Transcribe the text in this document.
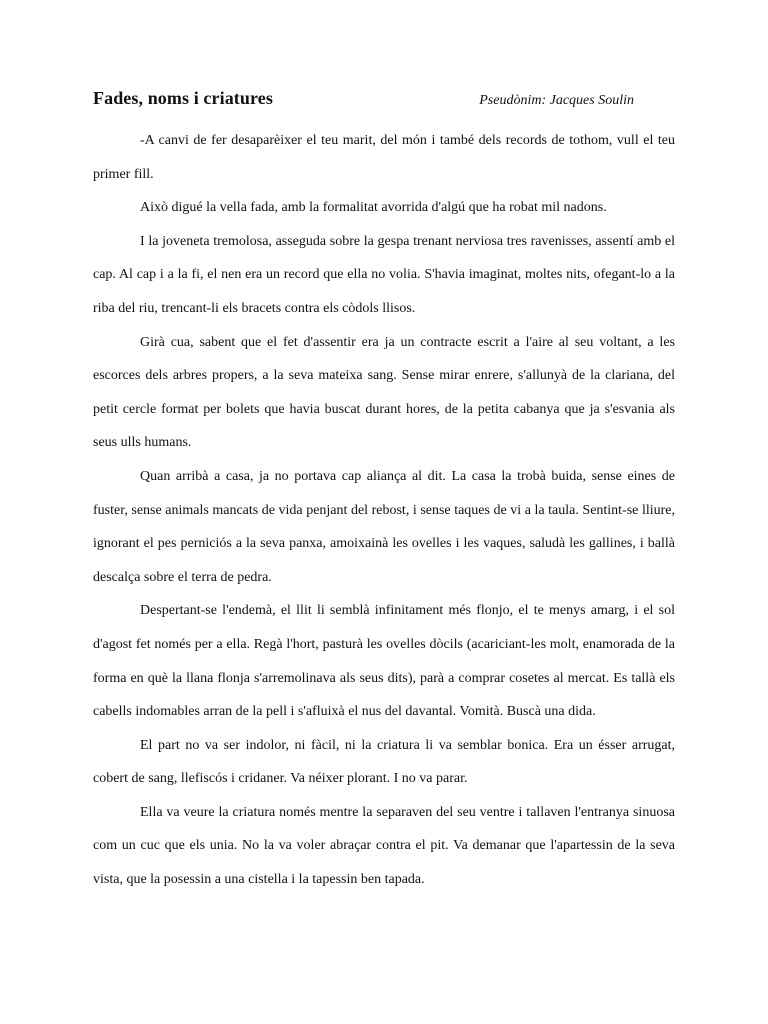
Fades, noms i criatures	Pseudònim: Jacques Soulin

-A canvi de fer desaparèixer el teu marit, del món i també dels records de tothom, vull el teu primer fill.

Això digué la vella fada, amb la formalitat avorrida d'algú que ha robat mil nadons.

I la joveneta tremolosa, asseguda sobre la gespa trenant nerviosa tres ravenisses, assentí amb el cap. Al cap i a la fi, el nen era un record que ella no volia. S'havia imaginat, moltes nits, ofegant-lo a la riba del riu, trencant-li els bracets contra els còdols llisos.

Girà cua, sabent que el fet d'assentir era ja un contracte escrit a l'aire al seu voltant, a les escorces dels arbres propers, a la seva mateixa sang. Sense mirar enrere, s'allunyà de la clariana, del petit cercle format per bolets que havia buscat durant hores, de la petita cabanya que ja s'esvania als seus ulls humans.

Quan arribà a casa, ja no portava cap aliança al dit. La casa la trobà buida, sense eines de fuster, sense animals mancats de vida penjant del rebost, i sense taques de vi a la taula. Sentint-se lliure, ignorant el pes perniciós a la seva panxa, amoixainà les ovelles i les vaques, saludà les gallines, i ballà descalça sobre el terra de pedra.

Despertant-se l'endemà, el llit li semblà infinitament més flonjo, el te menys amarg, i el sol d'agost fet només per a ella. Regà l'hort, pasturà les ovelles dòcils (acariciant-les molt, enamorada de la forma en què la llana flonja s'arremolinava als seus dits), parà a comprar cosetes al mercat. Es tallà els cabells indomables arran de la pell i s'afluixà el nus del davantal. Vomità. Buscà una dida.

El part no va ser indolor, ni fàcil, ni la criatura li va semblar bonica. Era un ésser arrugat, cobert de sang, llefiscós i cridaner. Va néixer plorant. I no va parar.

Ella va veure la criatura només mentre la separaven del seu ventre i tallaven l'entranya sinuosa com un cuc que els unia. No la va voler abraçar contra el pit. Va demanar que l'apartessin de la seva vista, que la posessin a una cistella i la tapessin ben tapada.
